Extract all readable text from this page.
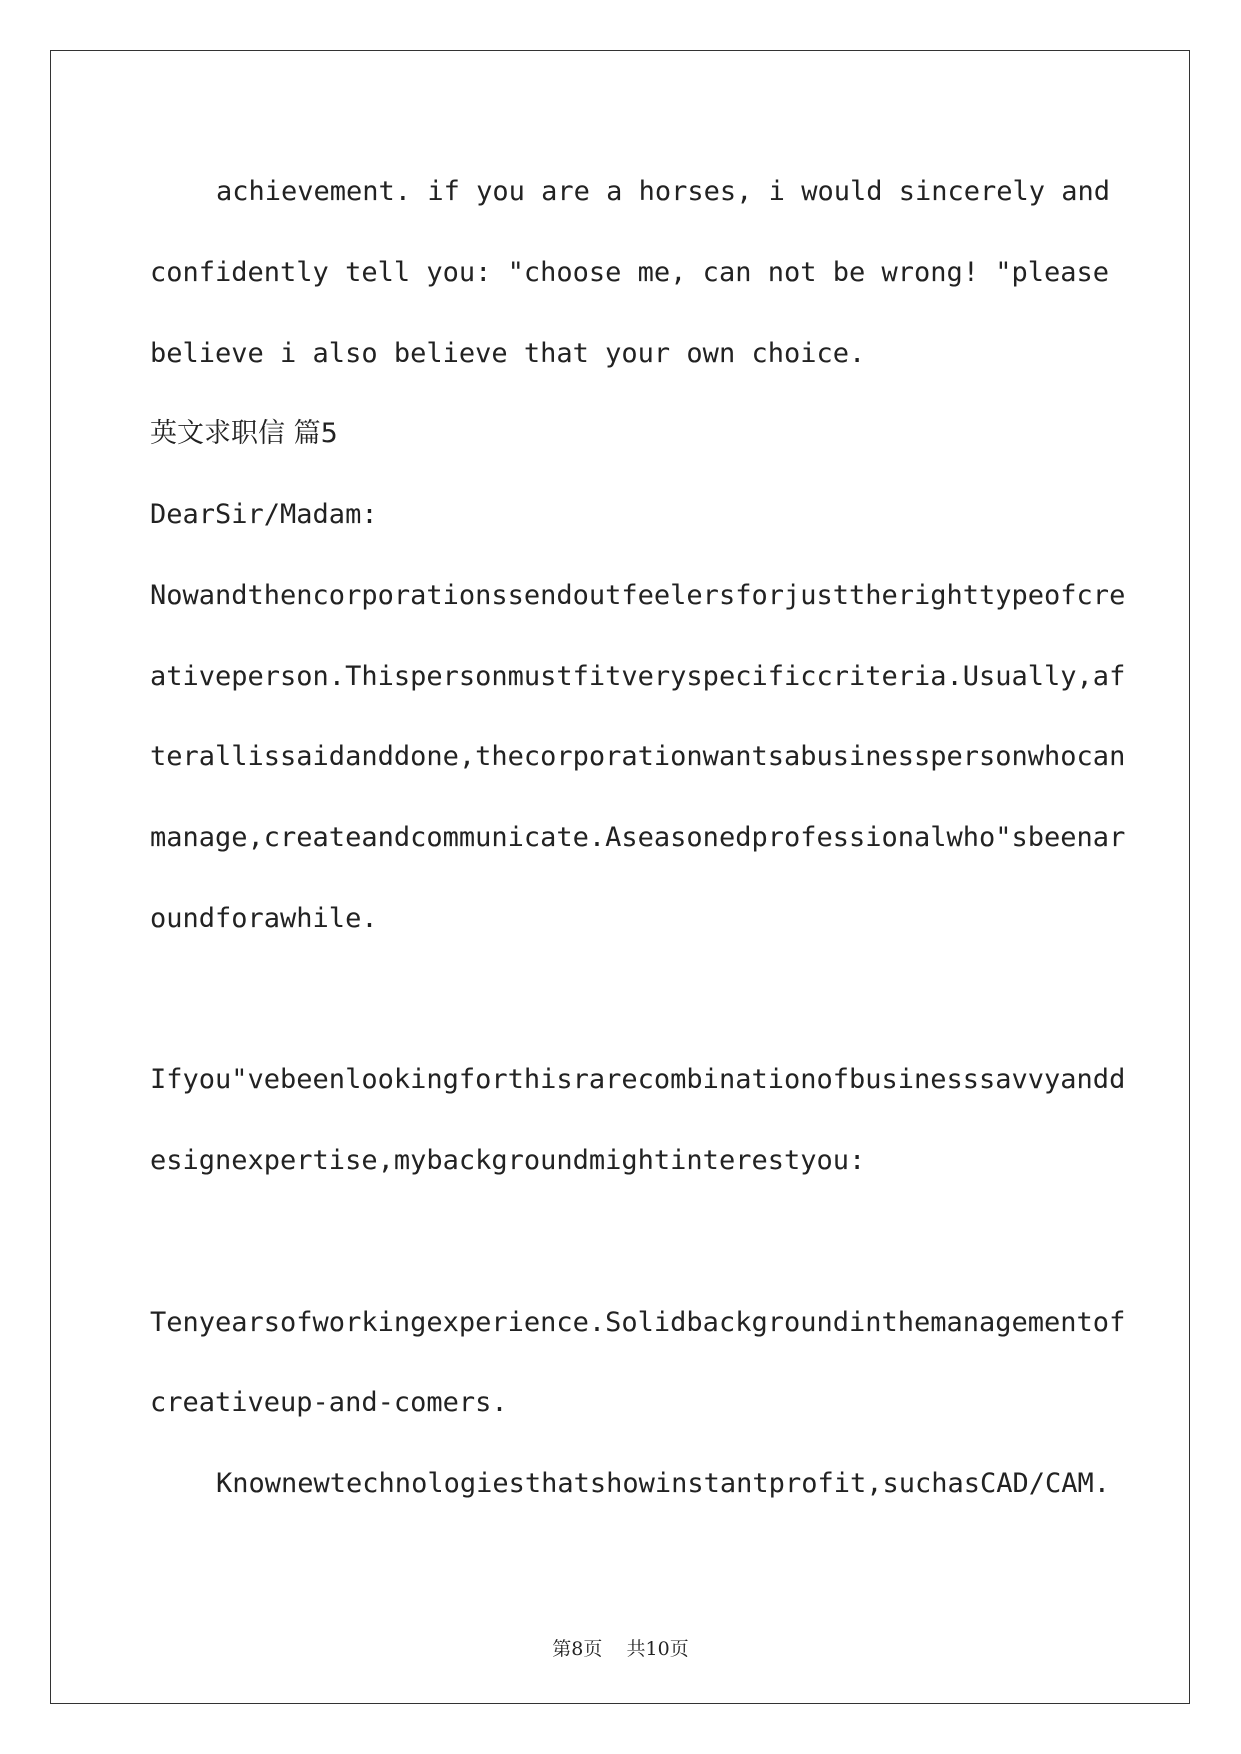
achievement. if you are a horses, i would sincerely and
confidently tell you: "choose me, can not be wrong! "please
believe i also believe that your own choice.
英文求职信 篇5
DearSir/Madam:
Nowandthencorporationssendoutfeelersforjusttherighttypeofcre
ativeperson.Thispersonmustfitveryspecificcriteria.Usually,af
terallissaidanddone,thecorporationwantsabusinesspersonwhocan
manage,createandcommunicate.Aseasonedprofessionalwho"sbeenar
oundforawhile.
Ifyou"vebeenlookingforthisrarecombinationofbusinesssavvyandd
esignexpertise,mybackgroundmightinterestyou:
Tenyearsofworkingexperience.Solidbackgroundinthemanagementof
creativeup-and-comers.
Knownewtechnologiesthatshowinstantprofit,suchasCAD/CAM.
第8页 共10页
